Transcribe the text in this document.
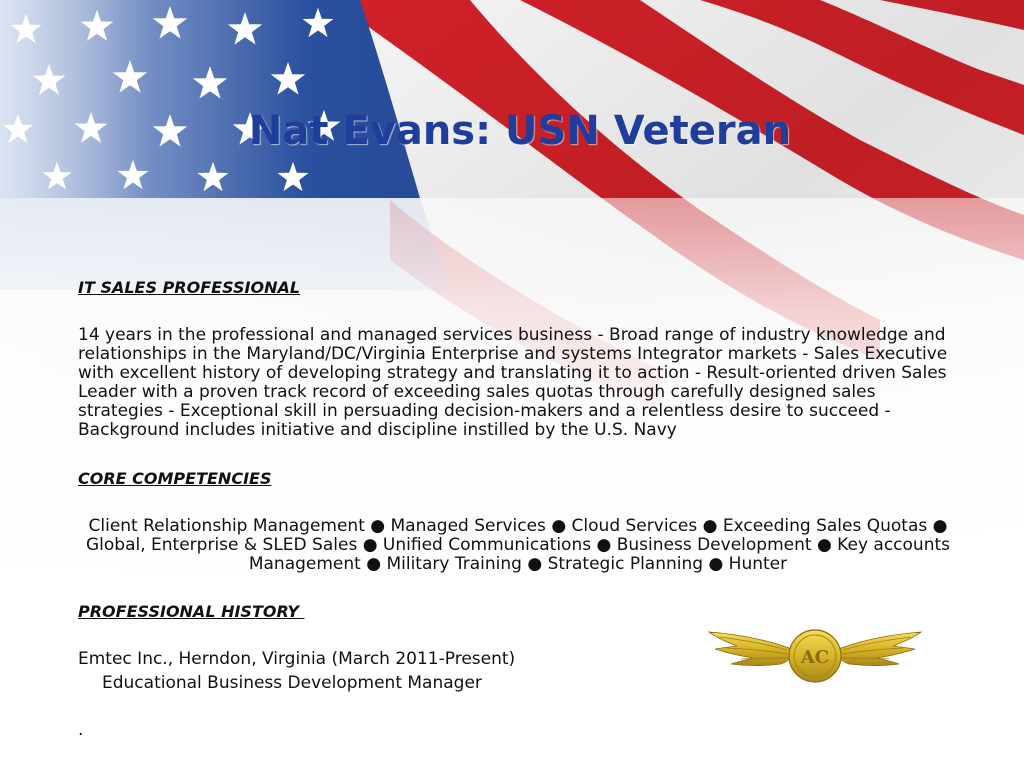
Nat Evans: USN Veteran

IT SALES PROFESSIONAL

14 years in the professional and managed services business - Broad range of industry knowledge and relationships in the Maryland/DC/Virginia Enterprise and systems Integrator markets - Sales Executive with excellent history of developing strategy and translating it to action - Result-oriented driven Sales Leader with a proven track record of exceeding sales quotas through carefully designed sales strategies - Exceptional skill in persuading decision-makers and a relentless desire to succeed - Background includes initiative and discipline instilled by the U.S. Navy

CORE COMPETENCIES

Client Relationship Management ● Managed Services ● Cloud Services ● Exceeding Sales Quotas ● Global, Enterprise & SLED Sales ● Unified Communications ● Business Development ● Key accounts Management ● Military Training ● Strategic Planning ● Hunter

PROFESSIONAL HISTORY

Emtec Inc., Herndon, Virginia (March 2011-Present)

Educational Business Development Manager

.

AC
